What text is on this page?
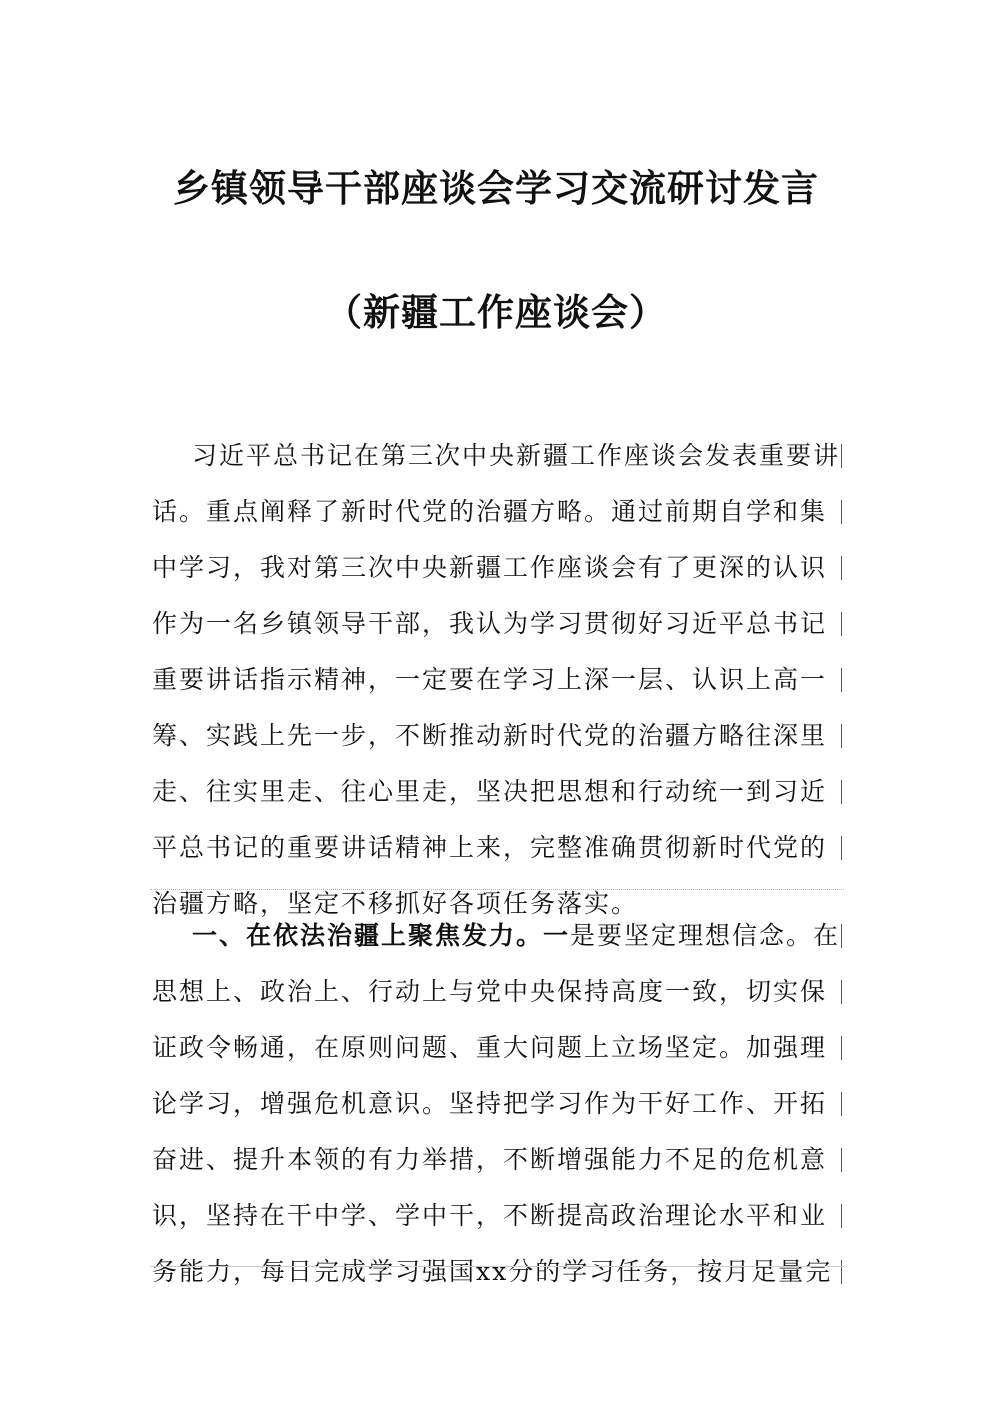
乡镇领导干部座谈会学习交流研讨发言
（新疆工作座谈会）
习近平总书记在第三次中央新疆工作座谈会发表重要讲
话。重点阐释了新时代党的治疆方略。通过前期自学和集
中学习，我对第三次中央新疆工作座谈会有了更深的认识
作为一名乡镇领导干部，我认为学习贯彻好习近平总书记
重要讲话指示精神，一定要在学习上深一层、认识上高一
筹、实践上先一步，不断推动新时代党的治疆方略往深里
走、往实里走、往心里走，坚决把思想和行动统一到习近
平总书记的重要讲话精神上来，完整准确贯彻新时代党的
治疆方略，坚定不移抓好各项任务落实。
一、在依法治疆上聚焦发力。一是要坚定理想信念。在
思想上、政治上、行动上与党中央保持高度一致，切实保
证政令畅通，在原则问题、重大问题上立场坚定。加强理
论学习，增强危机意识。坚持把学习作为干好工作、开拓
奋进、提升本领的有力举措，不断增强能力不足的危机意
识，坚持在干中学、学中干，不断提高政治理论水平和业
务能力，每日完成学习强国xx分的学习任务，按月足量完
